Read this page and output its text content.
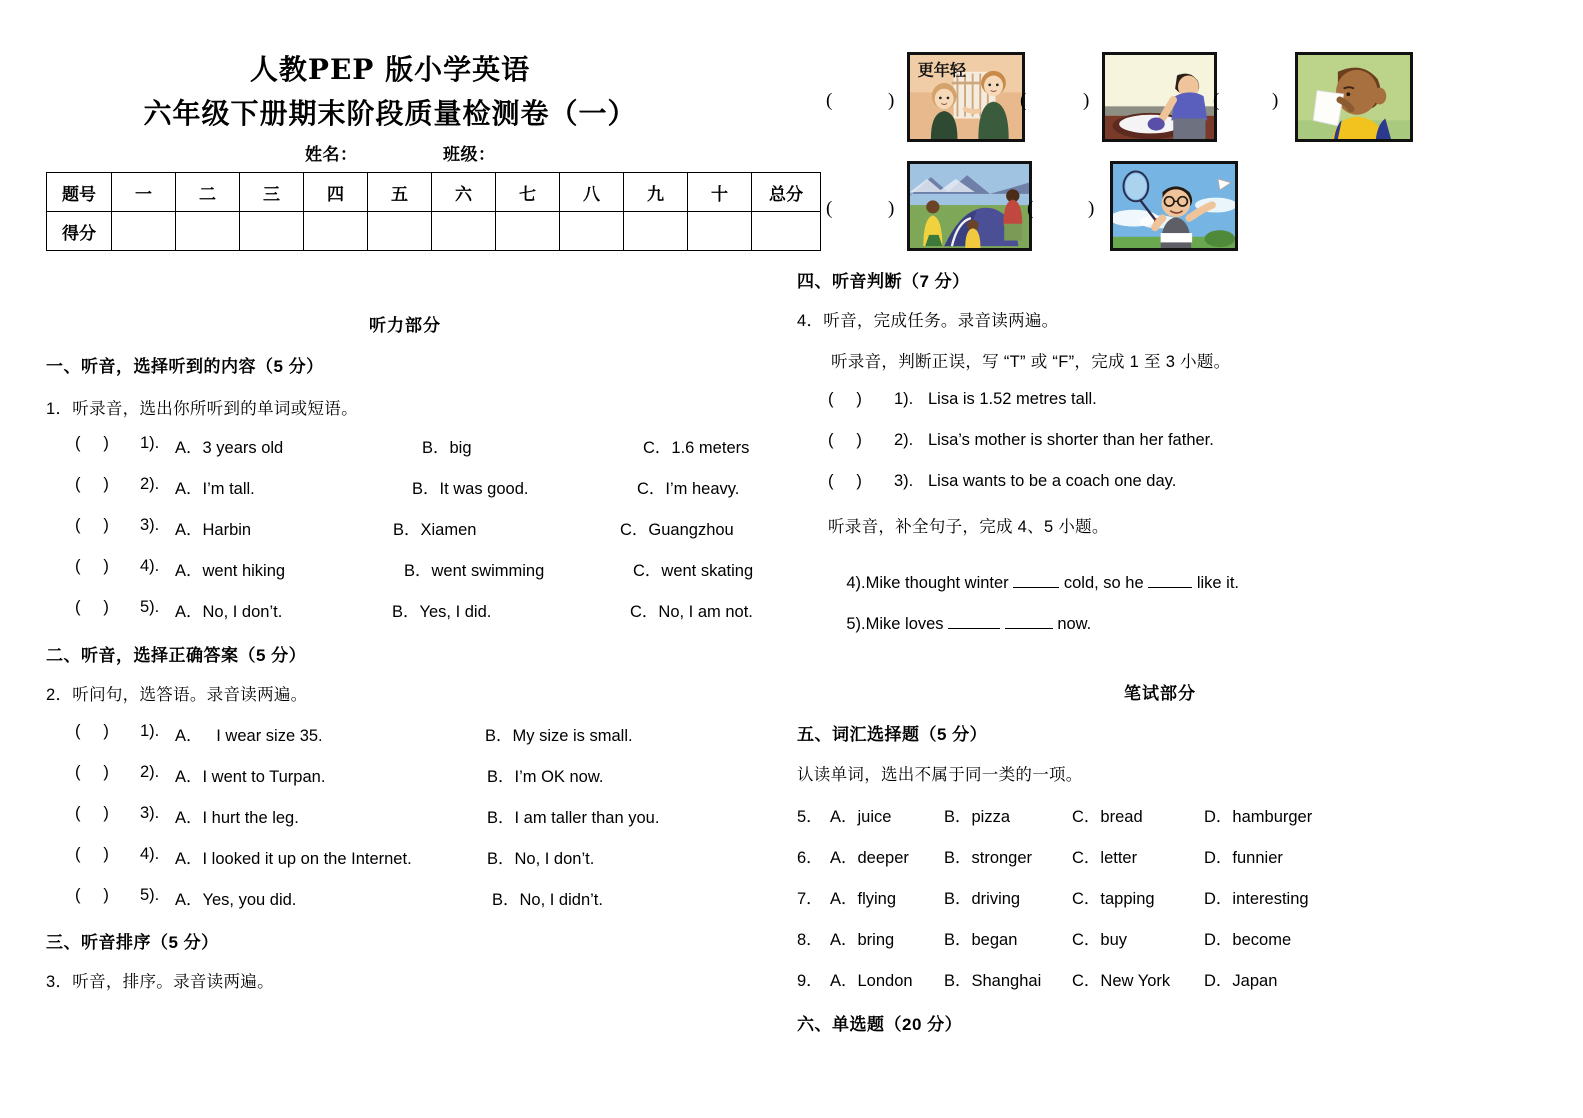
人教PEP 版小学英语
六年级下册期末阶段质量检测卷（一）
姓名：	班级：
题号	一	二	三	四	五	六	七	八	九	十	总分
得分											
听力部分
一、听音，选择听到的内容（5 分）
1．听录音，选出你所听到的单词或短语。
(     ) 1). A．3 years old	B．big	C．1.6 meters
(     ) 2). A．I’m tall.	B．It was good.	C．I’m heavy.
(     ) 3). A．Harbin	B．Xiamen	C．Guangzhou
(     ) 4). A．went hiking	B．went swimming	C．went skating
(     ) 5). A．No, I don’t.	B．Yes, I did.	C．No, I am not.
二、听音，选择正确答案（5 分）
2．听问句，选答语。录音读两遍。
(     ) 1). A．   I wear size 35.	B．My size is small.
(     ) 2). A．I went to Turpan.	B．I’m OK now.
(     ) 3). A．I hurt the leg.	B．I am taller than you.
(     ) 4). A．I looked it up on the Internet.	B．No, I don’t.
(     ) 5). A．Yes, you did.	B．No, I didn’t.
三、听音排序（5 分）
3．听音，排序。录音读两遍。
(	)
更年轻
(	)	(	)
(	)	(	)
四、听音判断（7 分）
4．听音，完成任务。录音读两遍。
听录音，判断正误，写 “T” 或 “F”，完成 1 至 3 小题。
(     ) 1). Lisa is 1.52 metres tall.
(     ) 2). Lisa’s mother is shorter than her father.
(     ) 3). Lisa wants to be a coach one day.
听录音，补全句子，完成 4、5 小题。

4).Mike thought winter	cold, so he	like it.

5).Mike loves	now.

笔试部分
五、词汇选择题（5 分）
认读单词，选出不属于同一类的一项。
5． A．juice	B．pizza	C．bread	D．hamburger
6． A．deeper B．stronger C．letter	D．funnier
7． A．flying	B．driving	C．tapping	D．interesting
8． A．bring	B．began	C．buy	D．become
9． A．London B．Shanghai C．New York D．Japan
六、单选题（20 分）
